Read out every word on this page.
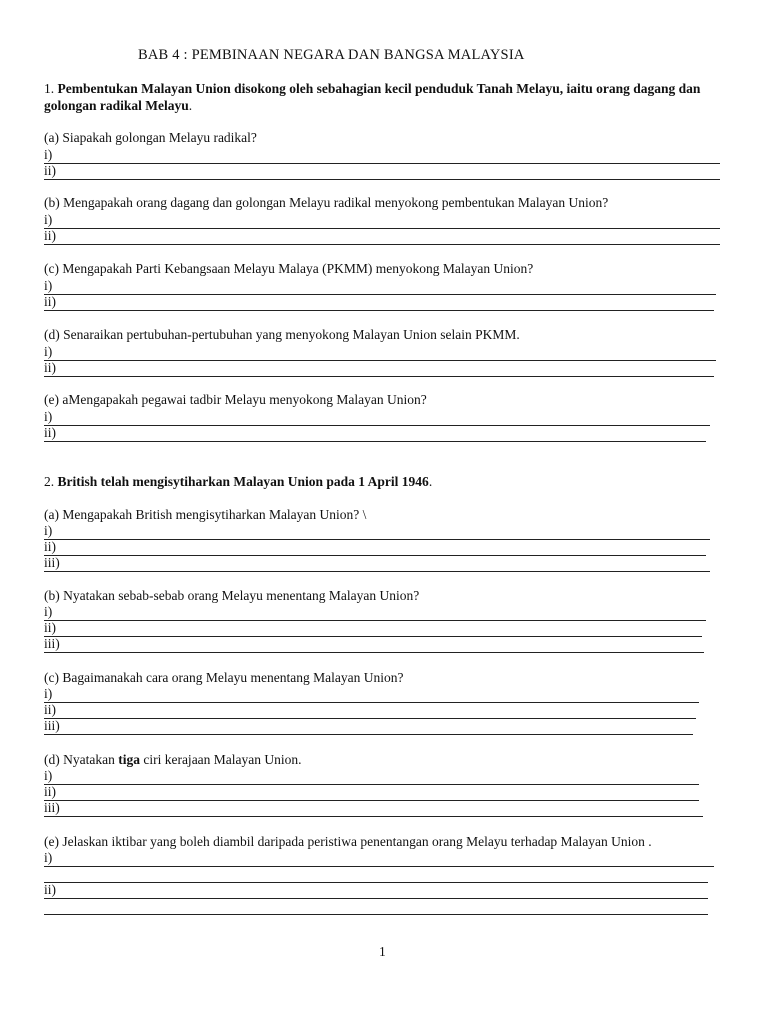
BAB 4 : PEMBINAAN NEGARA DAN BANGSA MALAYSIA
1. Pembentukan Malayan Union disokong oleh sebahagian kecil penduduk Tanah Melayu, iaitu orang dagang dan golongan radikal Melayu.
(a) Siapakah golongan Melayu radikal?
i)
ii)
(b) Mengapakah orang dagang dan golongan Melayu radikal menyokong pembentukan Malayan Union?
i)
ii)
(c) Mengapakah Parti Kebangsaan Melayu Malaya (PKMM) menyokong Malayan Union?
i)
ii)
(d) Senaraikan pertubuhan-pertubuhan yang menyokong Malayan Union selain PKMM.
i)
ii)
(e) aMengapakah pegawai tadbir Melayu menyokong Malayan Union?
i)
ii)
2. British telah mengisytiharkan Malayan Union pada 1 April 1946.
(a) Mengapakah British mengisytiharkan Malayan Union? \
i)
ii)
iii)
(b) Nyatakan sebab-sebab orang Melayu menentang Malayan Union?
i)
ii)
iii)
(c) Bagaimanakah cara orang Melayu menentang Malayan Union?
i)
ii)
iii)
(d) Nyatakan tiga ciri kerajaan Malayan Union.
i)
ii)
iii)
(e) Jelaskan iktibar yang boleh diambil daripada peristiwa penentangan orang Melayu terhadap Malayan Union .
i)
ii)
1
